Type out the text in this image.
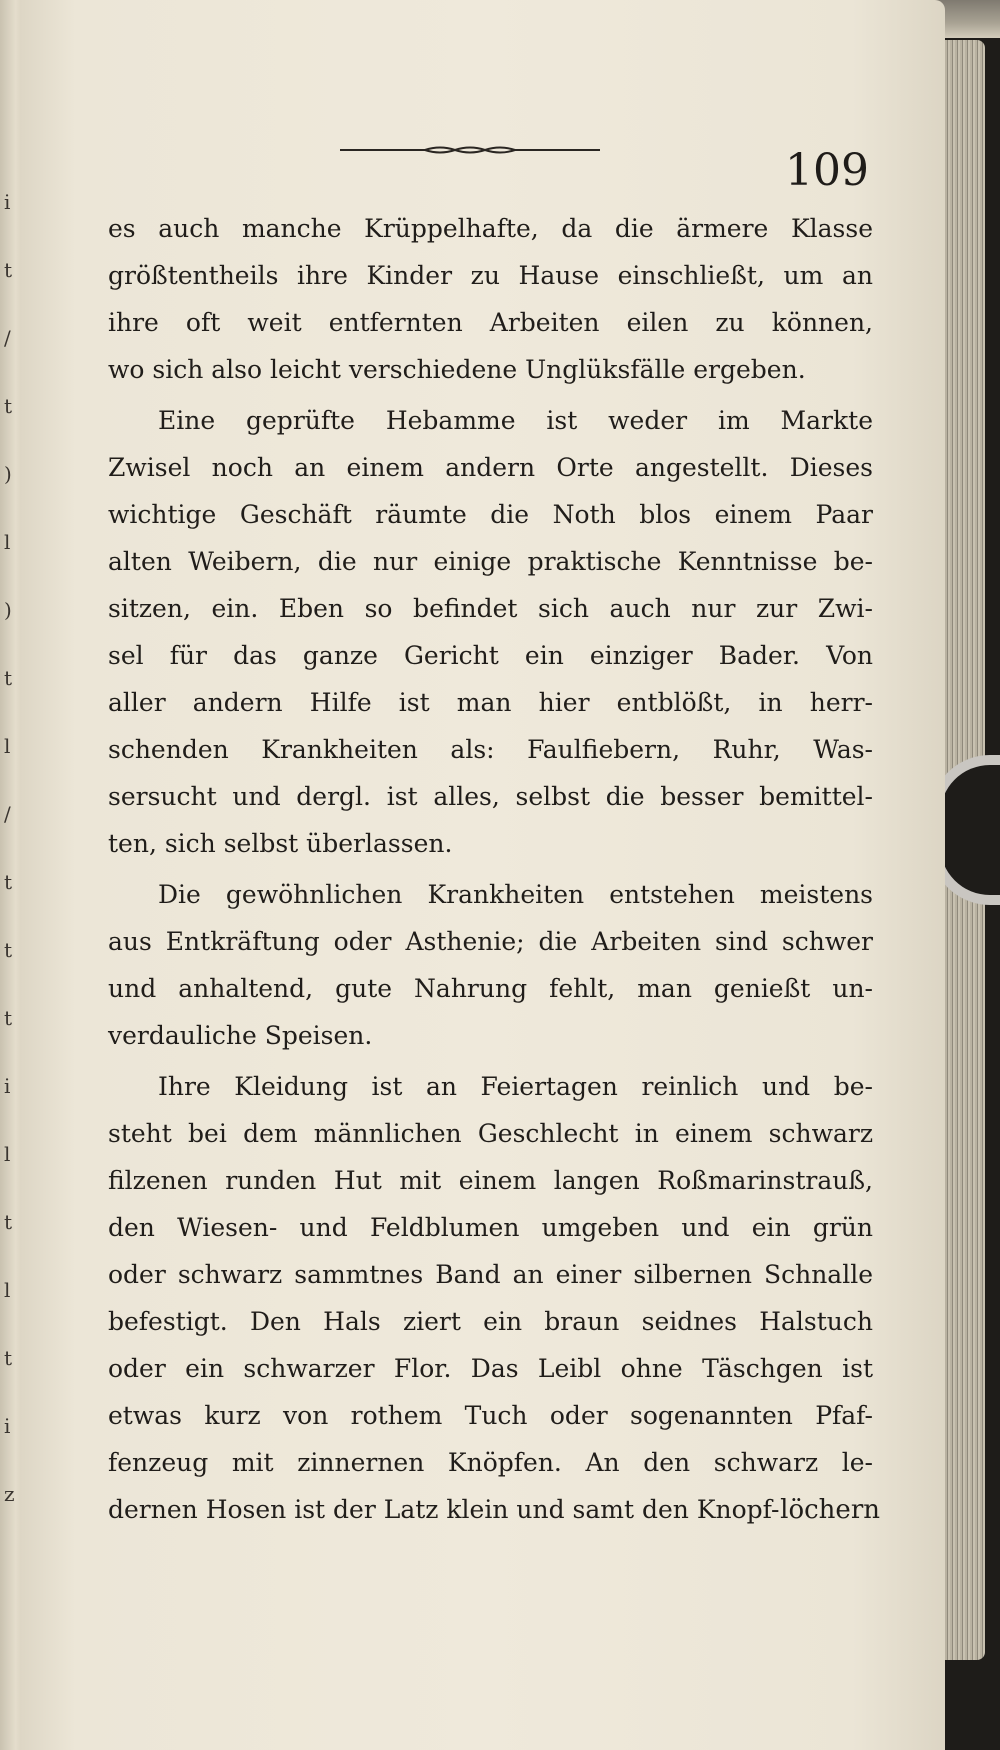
i
t
/
t
)
l
)
t
l
/
t
t
t
i
l
t
l
t
i
z
109
es auch manche Krüppelhafte, da die ärmere Klasse
größtentheils ihre Kinder zu Hause einschließt, um an
ihre oft weit entfernten Arbeiten eilen zu können,
wo sich also leicht verschiedene Unglüksfälle ergeben.
Eine geprüfte Hebamme ist weder im Markte
Zwisel noch an einem andern Orte angestellt. Dieses
wichtige Geschäft räumte die Noth blos einem Paar
alten Weibern, die nur einige praktische Kenntnisse be-
sitzen, ein. Eben so befindet sich auch nur zur Zwi-
sel für das ganze Gericht ein einziger Bader. Von
aller andern Hilfe ist man hier entblößt, in herr-
schenden Krankheiten als: Faulfiebern, Ruhr, Was-
sersucht und dergl. ist alles, selbst die besser bemittel-
ten, sich selbst überlassen.
Die gewöhnlichen Krankheiten entstehen meistens
aus Entkräftung oder Asthenie; die Arbeiten sind schwer
und anhaltend, gute Nahrung fehlt, man genießt un-
verdauliche Speisen.
Ihre Kleidung ist an Feiertagen reinlich und be-
steht bei dem männlichen Geschlecht in einem schwarz
filzenen runden Hut mit einem langen Roßmarinstrauß,
den Wiesen- und Feldblumen umgeben und ein grün
oder schwarz sammtnes Band an einer silbernen Schnalle
befestigt. Den Hals ziert ein braun seidnes Halstuch
oder ein schwarzer Flor. Das Leibl ohne Täschgen ist
etwas kurz von rothem Tuch oder sogenannten Pfaf-
fenzeug mit zinnernen Knöpfen. An den schwarz le-
dernen Hosen ist der Latz klein und samt den Knopf- löchern
